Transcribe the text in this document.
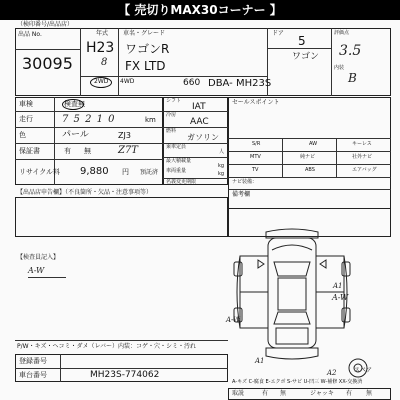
【 売切りMAX30コーナー 】
（検印番号/出品店）
出品 No.
30095
年式
H23
8
車名・グレード
ワゴンR
FX LTD
2WD 4WD	660 DBA- MH23S
ドア
5
ワゴン
評価点
3.5
内装
B
車検	検査無
走行	7 5 2 1 0	km
色	パール	ZJ3
保証書	有 無	Z7T
リサイクル料 9,880 円 預託済
【出品店申告欄】（不良箇所・欠品・注意事項等）
シフト
IAT
冷房
AAC
燃料
ガソリン
乗車定員
人
最大積載量
kg
車両重量	kg
名義変更期限
セールスポイント
S/R	AW	キーレス
MTV	純ナビ	社外ナビ
TV	ABS	エアバッグ
ナビ装備：
備考欄
【検査員記入】
A-W
A-W
A-W
A1
A1
A2	スペア
P/W・キズ・ヘコミ・ダメ（レバー） 内装：コゲ・穴・シミ・汚れ
登録番号
車台番号	MH23S-774062
A-キズ C-腐食 E-エクボ S-サビ U-凹三 W-補修 XX-交換済
取説	有 無	ジャッキ 有 無
